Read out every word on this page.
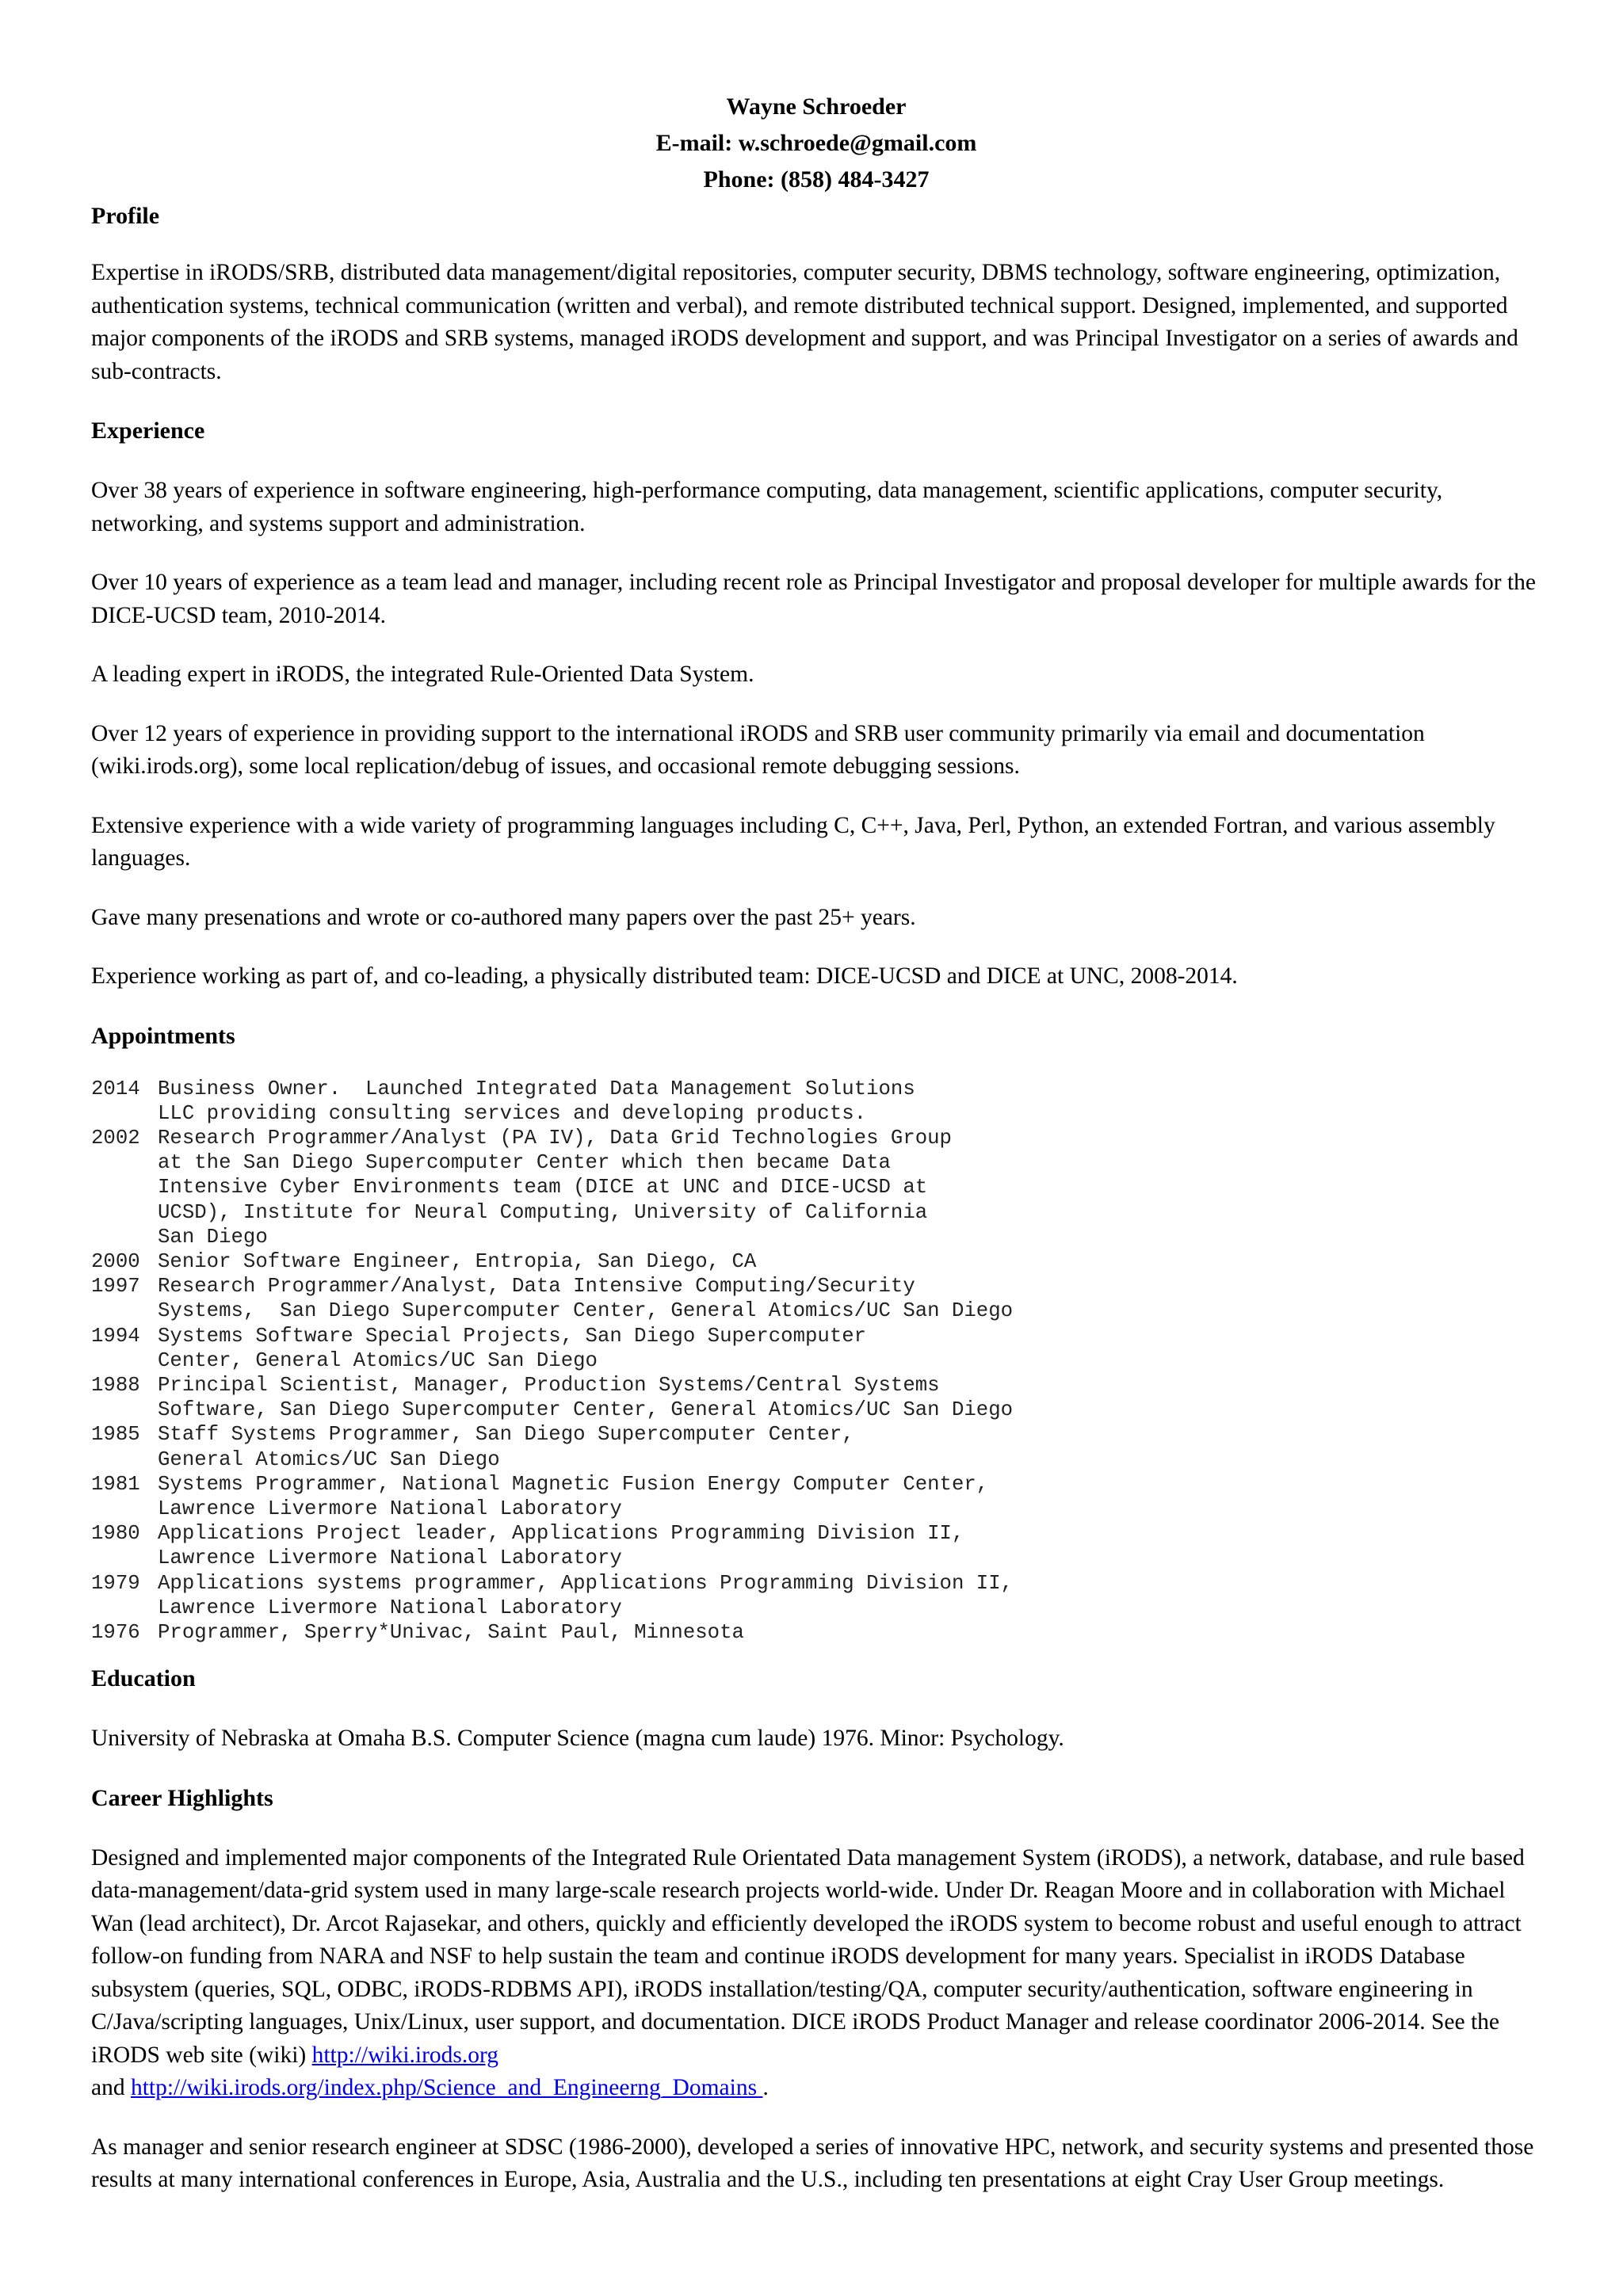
Wayne Schroeder
E-mail: w.schroede@gmail.com
Phone: (858) 484-3427
Profile

Expertise in iRODS/SRB, distributed data management/digital repositories, computer security, DBMS technology, software engineering, optimization, authentication systems, technical communication (written and verbal), and remote distributed technical support. Designed, implemented, and supported major components of the iRODS and SRB systems, managed iRODS development and support, and was Principal Investigator on a series of awards and sub-contracts.

Experience

Over 38 years of experience in software engineering, high-performance computing, data management, scientific applications, computer security, networking, and systems support and administration.

Over 10 years of experience as a team lead and manager, including recent role as Principal Investigator and proposal developer for multiple awards for the DICE-UCSD team, 2010-2014.

A leading expert in iRODS, the integrated Rule-Oriented Data System.

Over 12 years of experience in providing support to the international iRODS and SRB user community primarily via email and documentation (wiki.irods.org), some local replication/debug of issues, and occasional remote debugging sessions.

Extensive experience with a wide variety of programming languages including C, C++, Java, Perl, Python, an extended Fortran, and various assembly languages.

Gave many presenations and wrote or co-authored many papers over the past 25+ years.

Experience working as part of, and co-leading, a physically distributed team: DICE-UCSD and DICE at UNC, 2008-2014.

Appointments
2014 Business Owner.  Launched Integrated Data Management Solutions
LLC providing consulting services and developing products.
2002 Research Programmer/Analyst (PA IV), Data Grid Technologies Group
at the San Diego Supercomputer Center which then became Data
Intensive Cyber Environments team (DICE at UNC and DICE-UCSD at
UCSD), Institute for Neural Computing, University of California
San Diego
2000 Senior Software Engineer, Entropia, San Diego, CA
1997 Research Programmer/Analyst, Data Intensive Computing/Security
Systems,  San Diego Supercomputer Center, General Atomics/UC San Diego
1994 Systems Software Special Projects, San Diego Supercomputer
Center, General Atomics/UC San Diego
1988 Principal Scientist, Manager, Production Systems/Central Systems
Software, San Diego Supercomputer Center, General Atomics/UC San Diego
1985 Staff Systems Programmer, San Diego Supercomputer Center,
General Atomics/UC San Diego
1981 Systems Programmer, National Magnetic Fusion Energy Computer Center,
Lawrence Livermore National Laboratory
1980 Applications Project leader, Applications Programming Division II,
Lawrence Livermore National Laboratory
1979 Applications systems programmer, Applications Programming Division II,
Lawrence Livermore National Laboratory
1976 Programmer, Sperry*Univac, Saint Paul, Minnesota
Education

University of Nebraska at Omaha B.S. Computer Science (magna cum laude) 1976. Minor: Psychology.

Career Highlights

Designed and implemented major components of the Integrated Rule Orientated Data management System (iRODS), a network, database, and rule based data-management/data-grid system used in many large-scale research projects world-wide. Under Dr. Reagan Moore and in collaboration with Michael Wan (lead architect), Dr. Arcot Rajasekar, and others, quickly and efficiently developed the iRODS system to become robust and useful enough to attract follow-on funding from NARA and NSF to help sustain the team and continue iRODS development for many years. Specialist in iRODS Database subsystem (queries, SQL, ODBC, iRODS-RDBMS API), iRODS installation/testing/QA, computer security/authentication, software engineering in C/Java/scripting languages, Unix/Linux, user support, and documentation. DICE iRODS Product Manager and release coordinator 2006-2014. See the iRODS web site (wiki) http://wiki.irods.org
and http://wiki.irods.org/index.php/Science_and_Engineerng_Domains .

As manager and senior research engineer at SDSC (1986-2000), developed a series of innovative HPC, network, and security systems and presented those results at many international conferences in Europe, Asia, Australia and the U.S., including ten presentations at eight Cray User Group meetings.
